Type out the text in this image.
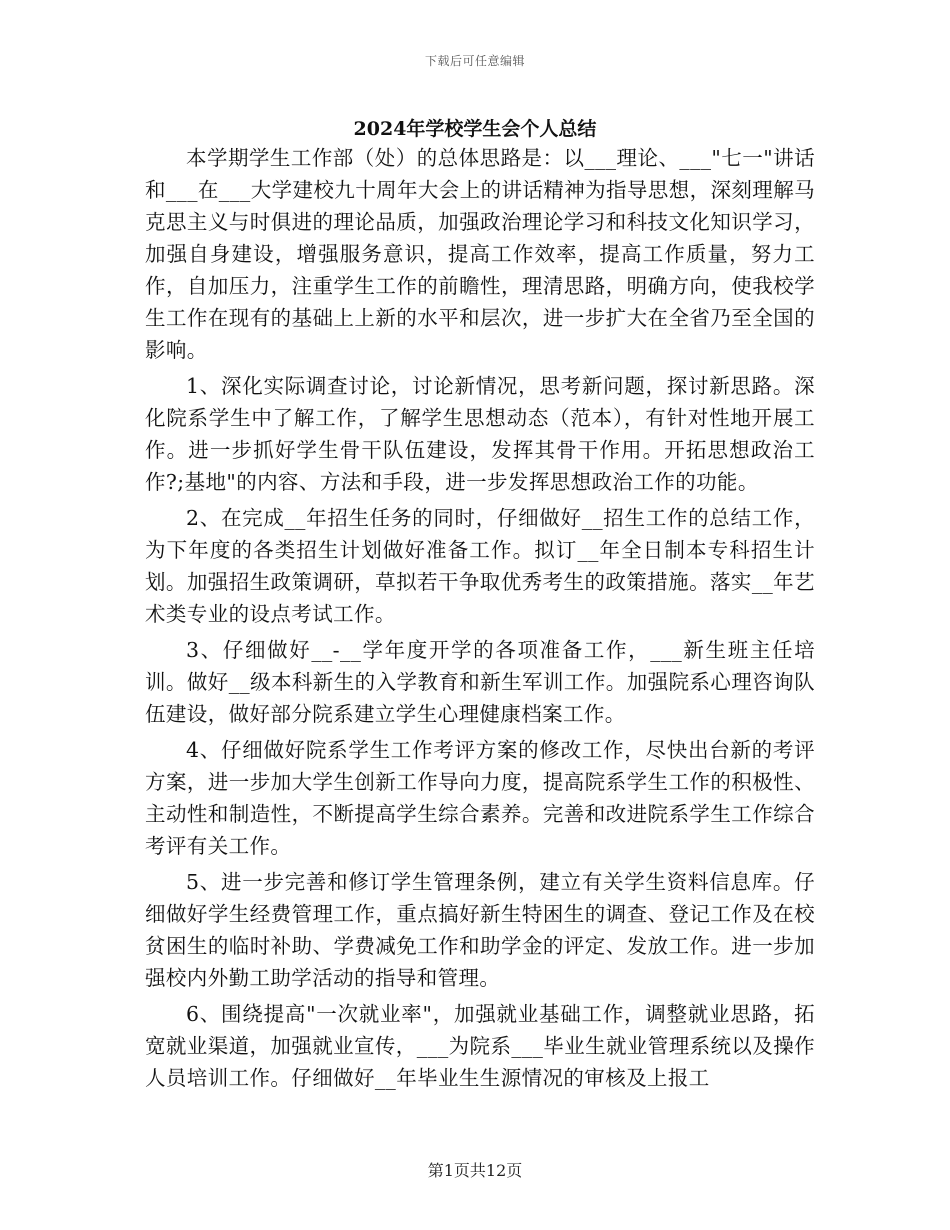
下载后可任意编辑
2024年学校学生会个人总结

本学期学生工作部（处）的总体思路是：以___理论、___"七一"讲话和___在___大学建校九十周年大会上的讲话精神为指导思想，深刻理解马克思主义与时俱进的理论品质，加强政治理论学习和科技文化知识学习，加强自身建设，增强服务意识，提高工作效率，提高工作质量，努力工作，自加压力，注重学生工作的前瞻性，理清思路，明确方向，使我校学生工作在现有的基础上上新的水平和层次，进一步扩大在全省乃至全国的影响。

1、深化实际调查讨论，讨论新情况，思考新问题，探讨新思路。深化院系学生中了解工作，了解学生思想动态（范本），有针对性地开展工作。进一步抓好学生骨干队伍建设，发挥其骨干作用。开拓思想政治工作?;基地"的内容、方法和手段，进一步发挥思想政治工作的功能。

2、在完成__年招生任务的同时，仔细做好__招生工作的总结工作，为下年度的各类招生计划做好准备工作。拟订__年全日制本专科招生计划。加强招生政策调研，草拟若干争取优秀考生的政策措施。落实__年艺术类专业的设点考试工作。

3、仔细做好__-__学年度开学的各项准备工作，___新生班主任培训。做好__级本科新生的入学教育和新生军训工作。加强院系心理咨询队伍建设，做好部分院系建立学生心理健康档案工作。

4、仔细做好院系学生工作考评方案的修改工作，尽快出台新的考评方案，进一步加大学生创新工作导向力度，提高院系学生工作的积极性、主动性和制造性，不断提高学生综合素养。完善和改进院系学生工作综合考评有关工作。

5、进一步完善和修订学生管理条例，建立有关学生资料信息库。仔细做好学生经费管理工作，重点搞好新生特困生的调查、登记工作及在校贫困生的临时补助、学费减免工作和助学金的评定、发放工作。进一步加强校内外勤工助学活动的指导和管理。

6、围绕提高"一次就业率"，加强就业基础工作，调整就业思路，拓宽就业渠道，加强就业宣传，___为院系___毕业生就业管理系统以及操作人员培训工作。仔细做好__年毕业生生源情况的审核及上报工

第1页共12页
